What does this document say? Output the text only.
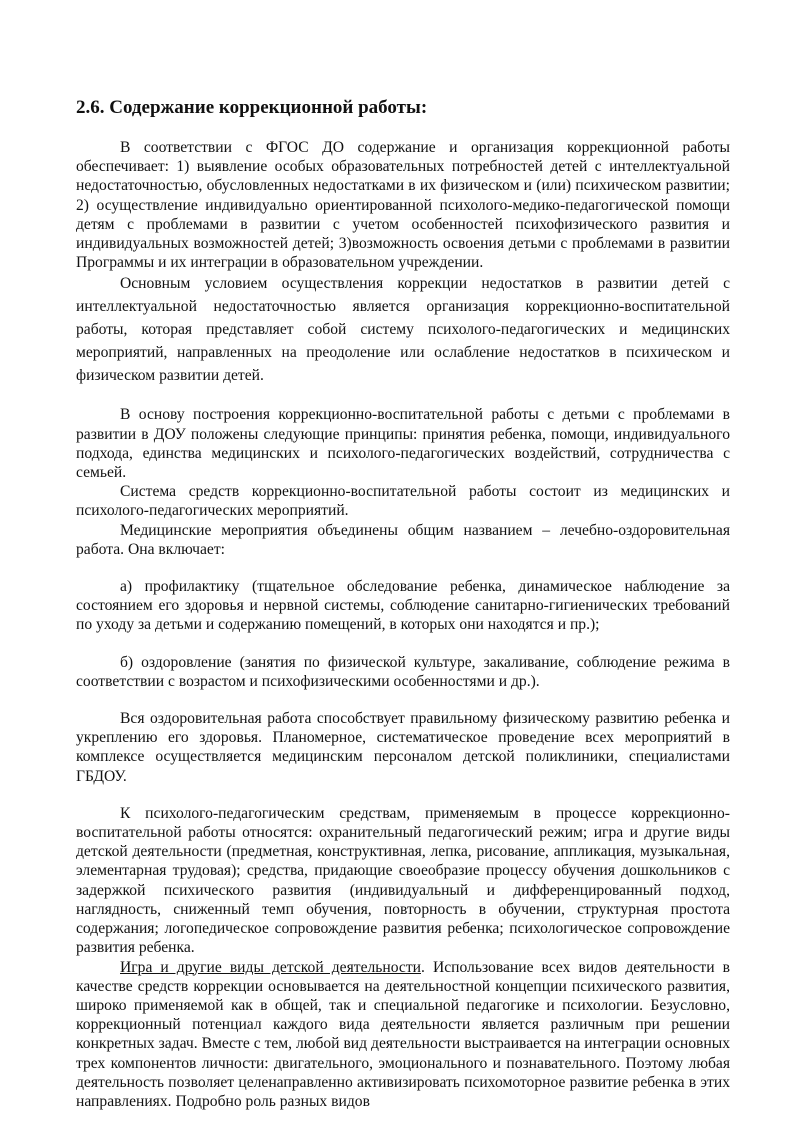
2.6. Содержание коррекционной работы:

В соответствии с ФГОС ДО содержание и организация коррекционной работы обеспечивает: 1) выявление особых образовательных потребностей детей с интеллектуальной недостаточностью, обусловленных недостатками в их физическом и (или) психическом развитии; 2) осуществление индивидуально ориентированной психолого-медико-педагогической помощи детям с проблемами в развитии с учетом особенностей психофизического развития и индивидуальных возможностей детей; 3)возможность освоения детьми с проблемами в развитии Программы и их интеграции в образовательном учреждении.

Основным условием осуществления коррекции недостатков в развитии детей с интеллектуальной недостаточностью является организация коррекционно-воспитательной работы, которая представляет собой систему психолого-педагогических и медицинских мероприятий, направленных на преодоление или ослабление недостатков в психическом и физическом развитии детей.

В основу построения коррекционно-воспитательной работы с детьми с проблемами в развитии в ДОУ положены следующие принципы: принятия ребенка, помощи, индивидуального подхода, единства медицинских и психолого-педагогических воздействий, сотрудничества с семьей.

Система средств коррекционно-воспитательной работы состоит из медицинских и психолого-педагогических мероприятий.

Медицинские мероприятия объединены общим названием – лечебно-оздоровительная работа. Она включает:

а) профилактику (тщательное обследование ребенка, динамическое наблюдение за состоянием его здоровья и нервной системы, соблюдение санитарно-гигиенических требований по уходу за детьми и содержанию помещений, в которых они находятся и пр.);

б) оздоровление (занятия по физической культуре, закаливание, соблюдение режима в соответствии с возрастом и психофизическими особенностями и др.).

Вся оздоровительная работа способствует правильному физическому развитию ребенка и укреплению его здоровья. Планомерное, систематическое проведение всех мероприятий в комплексе осуществляется медицинским персоналом детской поликлиники, специалистами ГБДОУ.

К психолого-педагогическим средствам, применяемым в процессе коррекционно-воспитательной работы относятся: охранительный педагогический режим; игра и другие виды детской деятельности (предметная, конструктивная, лепка, рисование, аппликация, музыкальная, элементарная трудовая); средства, придающие своеобразие процессу обучения дошкольников с задержкой психического развития (индивидуальный и дифференцированный подход, наглядность, сниженный темп обучения, повторность в обучении, структурная простота содержания; логопедическое сопровождение развития ребенка; психологическое сопровождение развития ребенка.

Игра и другие виды детской деятельности. Использование всех видов деятельности в качестве средств коррекции основывается на деятельностной концепции психического развития, широко применяемой как в общей, так и специальной педагогике и психологии. Безусловно, коррекционный потенциал каждого вида деятельности является различным при решении конкретных задач. Вместе с тем, любой вид деятельности выстраивается на интеграции основных трех компонентов личности: двигательного, эмоционального и познавательного. Поэтому любая деятельность позволяет целенаправленно активизировать психомоторное развитие ребенка в этих направлениях. Подробно роль разных видов
